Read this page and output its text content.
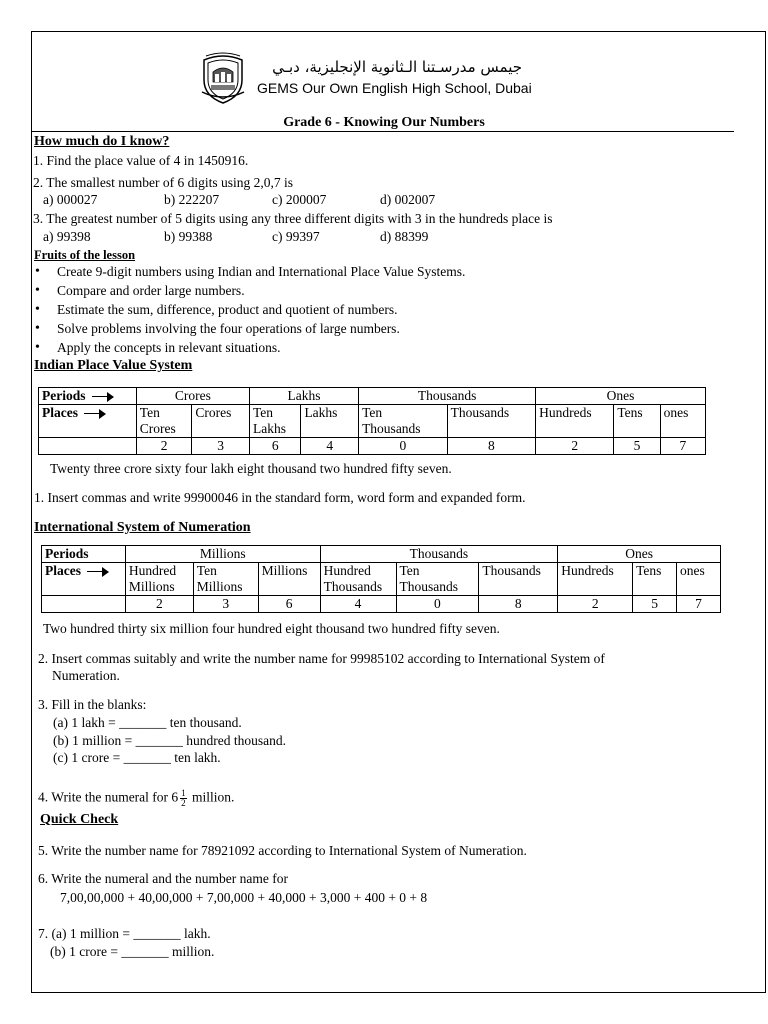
جيمس مدرسـتنا الـثانوية الإنجليزية، دبـي
GEMS Our Own English High School, Dubai
Grade 6 - Knowing Our Numbers
How much do I know?
1. Find the place value of 4 in 1450916.
2. The smallest number of 6 digits using 2,0,7 is
a) 000027	b) 222207	c) 200007	d) 002007
3. The greatest number of 5 digits using any three different digits with 3 in the hundreds place is
a) 99398	b) 99388	c) 99397	d) 88399
Fruits of the lesson
• Create 9-digit numbers using Indian and International Place Value Systems.
• Compare and order large numbers.
• Estimate the sum, difference, product and quotient of numbers.
• Solve problems involving the four operations of large numbers.
• Apply the concepts in relevant situations.
Indian Place Value System
Periods	Crores		Lakhs		Thousands		Ones		
Places	Ten Crores	Crores	Ten Lakhs	Lakhs	Ten Thousands	Thousands	Hundreds	Tens	ones
	2	3	6	4	0	8	2	5	7
Twenty three crore sixty four lakh eight thousand two hundred fifty seven.
1. Insert commas and write 99900046 in the standard form, word form and expanded form.
International System of Numeration
Periods	Millions			Thousands			Ones		
Places	Hundred Millions	Ten Millions	Millions	Hundred Thousands	Ten Thousands	Thousands	Hundreds	Tens	ones
	2	3	6	4	0	8	2	5	7
Two hundred thirty six million four hundred eight thousand two hundred fifty seven.
2. Insert commas suitably and write the number name for 99985102 according to International System of
Numeration.
3. Fill in the blanks:
(a) 1 lakh = _______ ten thousand.
(b) 1 million = _______ hundred thousand.
(c) 1 crore = _______ ten lakh.
4. Write the numeral for $6 \frac{1}{2}$ million.
Quick Check
5. Write the number name for 78921092 according to International System of Numeration.
6. Write the numeral and the number name for
7,00,00,000 + 40,00,000 + 7,00,000 + 40,000 + 3,000 + 400 + 0 + 8
7. (a) 1 million = _______ lakh.
(b) 1 crore = _______ million.
